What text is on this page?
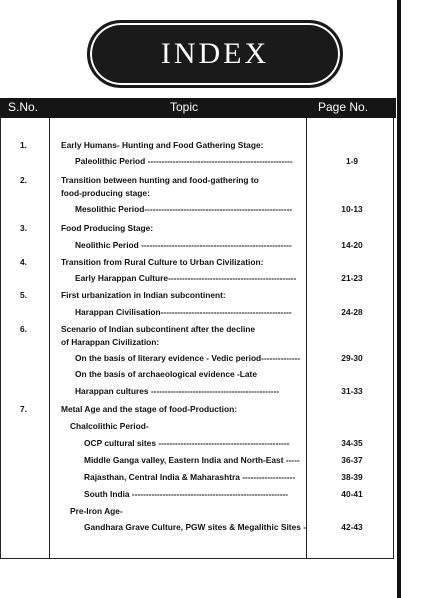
INDEX
S.No.	Topic	Page No.
1.	Early Humans- Hunting and Food Gathering Stage:
Paleolithic Period ----------------------------------------------------	1-9
2.	Transition between hunting and food-gathering to
food-producing stage:
Mesolithic Period-----------------------------------------------------	10-13
3.	Food Producing Stage:
Neolithic Period ------------------------------------------------------	14-20
4.	Transition from Rural Culture to Urban Civilization:
Early Harappan Culture----------------------------------------------	21-23
5.	First urbanization in Indian subcontinent:
Harappan Civilisation-----------------------------------------------	24-28
6.	Scenario of Indian subcontinent after the decline
of Harappan Civilization:
On the basis of literary evidence - Vedic period--------------	29-30
On the basis of archaeological evidence -Late
Harappan cultures ----------------------------------------------	31-33
7.	Metal Age and the stage of food-Production:
Chalcolithic Period-
OCP cultural sites -----------------------------------------------	34-35
Middle Ganga valley, Eastern India and North-East -----	36-37
Rajasthan, Central India & Maharashtra -------------------	38-39
South India --------------------------------------------------------	40-41
Pre-Iron Age-
Gandhara Grave Culture, PGW sites & Megalithic Sites -	42-43
